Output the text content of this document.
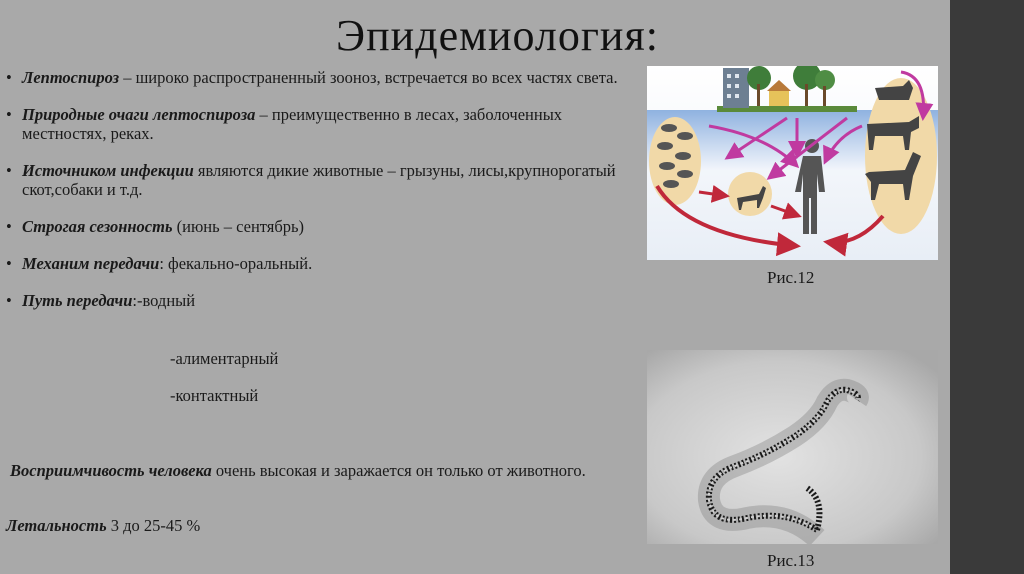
Эпидемиология:
• Лептоспироз – широко распространенный зооноз, встречается во всех частях света.
• Природные очаги лептоспироза – преимущественно в лесах, заболоченных местностях, реках.
• Источником инфекции являются дикие животные – грызуны, лисы,крупнорогатый скот,собаки и т.д.
• Строгая сезонность (июнь – сентябрь)
• Механим передачи: фекально-оральный.
• Путь передачи:-водный
-алиментарный
-контактный
Восприимчивость человека очень высокая и заражается он только от животного.
Летальность 3 до 25-45 %
Рис.12
Рис.13
